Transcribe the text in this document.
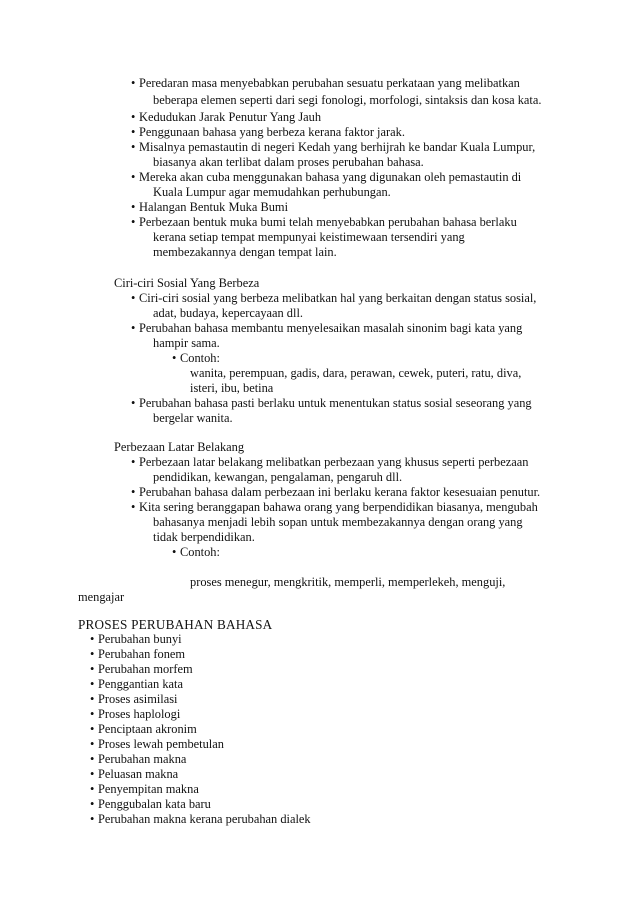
• Peredaran masa menyebabkan perubahan sesuatu perkataan yang melibatkan
beberapa elemen seperti dari segi fonologi, morfologi, sintaksis dan kosa kata.
• Kedudukan Jarak Penutur Yang Jauh
• Penggunaan bahasa yang berbeza kerana faktor jarak.
• Misalnya pemastautin di negeri Kedah yang berhijrah ke bandar Kuala Lumpur,
biasanya akan terlibat dalam proses perubahan bahasa.
• Mereka akan cuba menggunakan bahasa yang digunakan oleh pemastautin di
Kuala Lumpur agar memudahkan perhubungan.
• Halangan Bentuk Muka Bumi
• Perbezaan bentuk muka bumi telah menyebabkan perubahan bahasa berlaku
kerana setiap tempat mempunyai keistimewaan tersendiri yang
membezakannya dengan tempat lain.
Ciri-ciri Sosial Yang Berbeza
• Ciri-ciri sosial yang berbeza melibatkan hal yang berkaitan dengan status sosial,
adat, budaya, kepercayaan dll.
• Perubahan bahasa membantu menyelesaikan masalah sinonim bagi kata yang
hampir sama.
• Contoh:
wanita, perempuan, gadis, dara, perawan, cewek, puteri, ratu, diva,
isteri, ibu, betina
• Perubahan bahasa pasti berlaku untuk menentukan status sosial seseorang yang
bergelar wanita.
Perbezaan Latar Belakang
• Perbezaan latar belakang melibatkan perbezaan yang khusus seperti perbezaan
pendidikan, kewangan, pengalaman, pengaruh dll.
• Perubahan bahasa dalam perbezaan ini berlaku kerana faktor kesesuaian penutur.
• Kita sering beranggapan bahawa orang yang berpendidikan biasanya, mengubah
bahasanya menjadi lebih sopan untuk membezakannya dengan orang yang
tidak berpendidikan.
• Contoh:
proses menegur, mengkritik, memperli, memperlekeh, menguji,
mengajar
PROSES PERUBAHAN BAHASA
• Perubahan bunyi
• Perubahan fonem
• Perubahan morfem
• Penggantian kata
• Proses asimilasi
• Proses haplologi
• Penciptaan akronim
• Proses lewah pembetulan
• Perubahan makna
• Peluasan makna
• Penyempitan makna
• Penggubalan kata baru
• Perubahan makna kerana perubahan dialek
